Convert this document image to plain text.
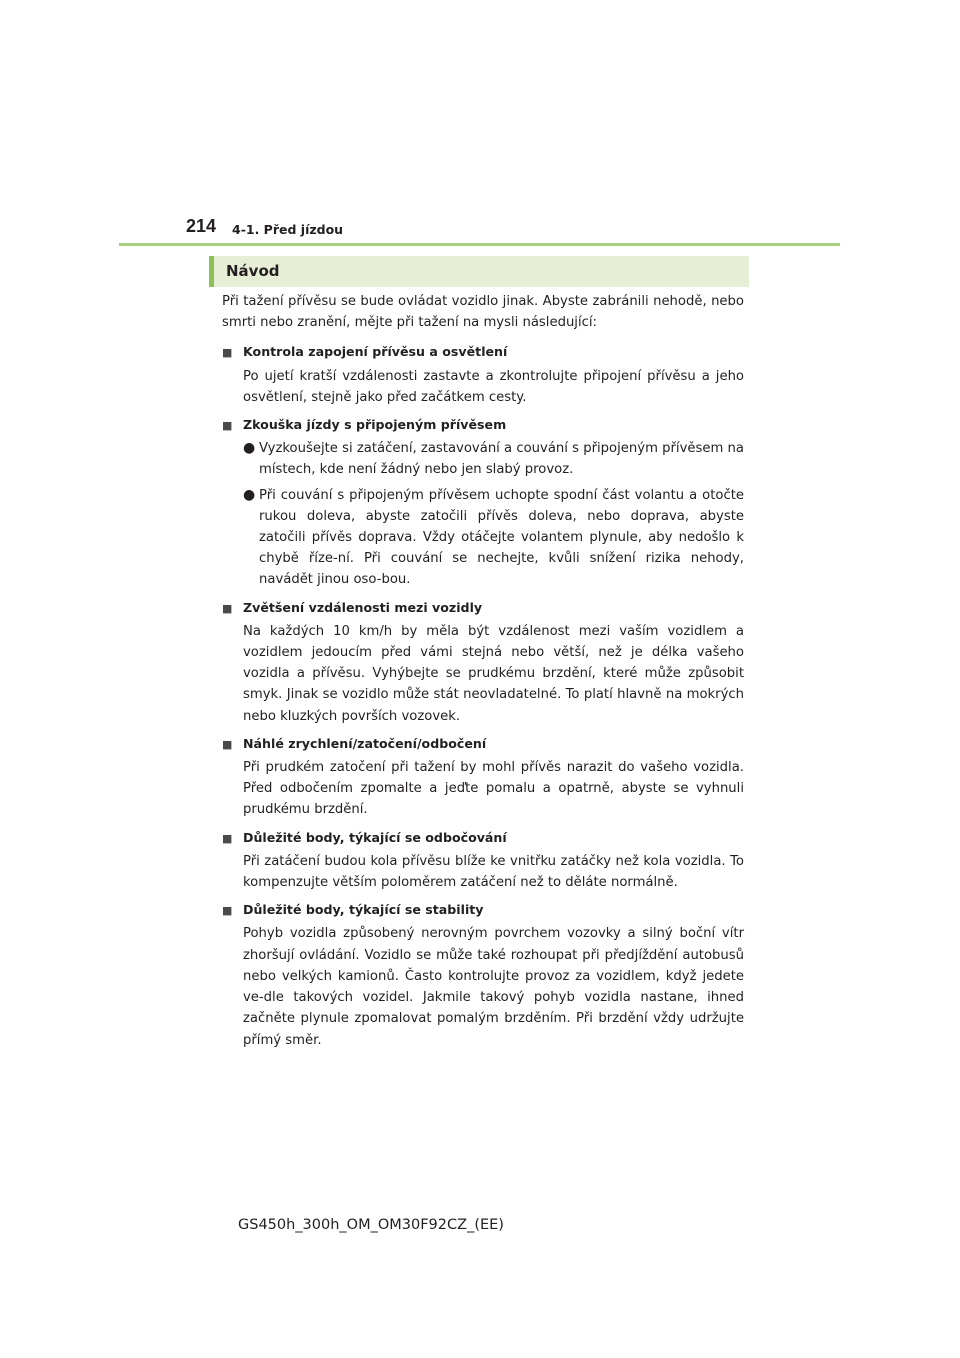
214 4-1. Před jízdou
Návod

Při tažení přívěsu se bude ovládat vozidlo jinak. Abyste zabránili nehodě, nebo smrti nebo zranění, mějte při tažení na mysli následující:

■ Kontrola zapojení přívěsu a osvětlení

Po ujetí kratší vzdálenosti zastavte a zkontrolujte připojení přívěsu a jeho osvětlení, stejně jako před začátkem cesty.

■ Zkouška jízdy s připojeným přívěsem
● Vyzkoušejte si zatáčení, zastavování a couvání s připojeným přívěsem na místech, kde není žádný nebo jen slabý provoz.
● Při couvání s připojeným přívěsem uchopte spodní část volantu a otočte rukou doleva, abyste zatočili přívěs doleva, nebo doprava, abyste zatočili přívěs doprava. Vždy otáčejte volantem plynule, aby nedošlo k chybě říze-ní. Při couvání se nechejte, kvůli snížení rizika nehody, navádět jinou oso-bou.
■ Zvětšení vzdálenosti mezi vozidly

Na každých 10 km/h by měla být vzdálenost mezi vaším vozidlem a vozidlem jedoucím před vámi stejná nebo větší, než je délka vašeho vozidla a přívěsu. Vyhýbejte se prudkému brzdění, které může způsobit smyk. Jinak se vozidlo může stát neovladatelné. To platí hlavně na mokrých nebo kluzkých površích vozovek.

■ Náhlé zrychlení/zatočení/odbočení

Při prudkém zatočení při tažení by mohl přívěs narazit do vašeho vozidla. Před odbočením zpomalte a jeďte pomalu a opatrně, abyste se vyhnuli prudkému brzdění.

■ Důležité body, týkající se odbočování

Při zatáčení budou kola přívěsu blíže ke vnitřku zatáčky než kola vozidla. To kompenzujte větším poloměrem zatáčení než to děláte normálně.

■ Důležité body, týkající se stability

Pohyb vozidla způsobený nerovným povrchem vozovky a silný boční vítr zhoršují ovládání. Vozidlo se může také rozhoupat při předjíždění autobusů nebo velkých kamionů. Často kontrolujte provoz za vozidlem, když jedete ve-dle takových vozidel. Jakmile takový pohyb vozidla nastane, ihned začněte plynule zpomalovat pomalým brzděním. Při brzdění vždy udržujte přímý směr.

GS450h_300h_OM_OM30F92CZ_(EE)
